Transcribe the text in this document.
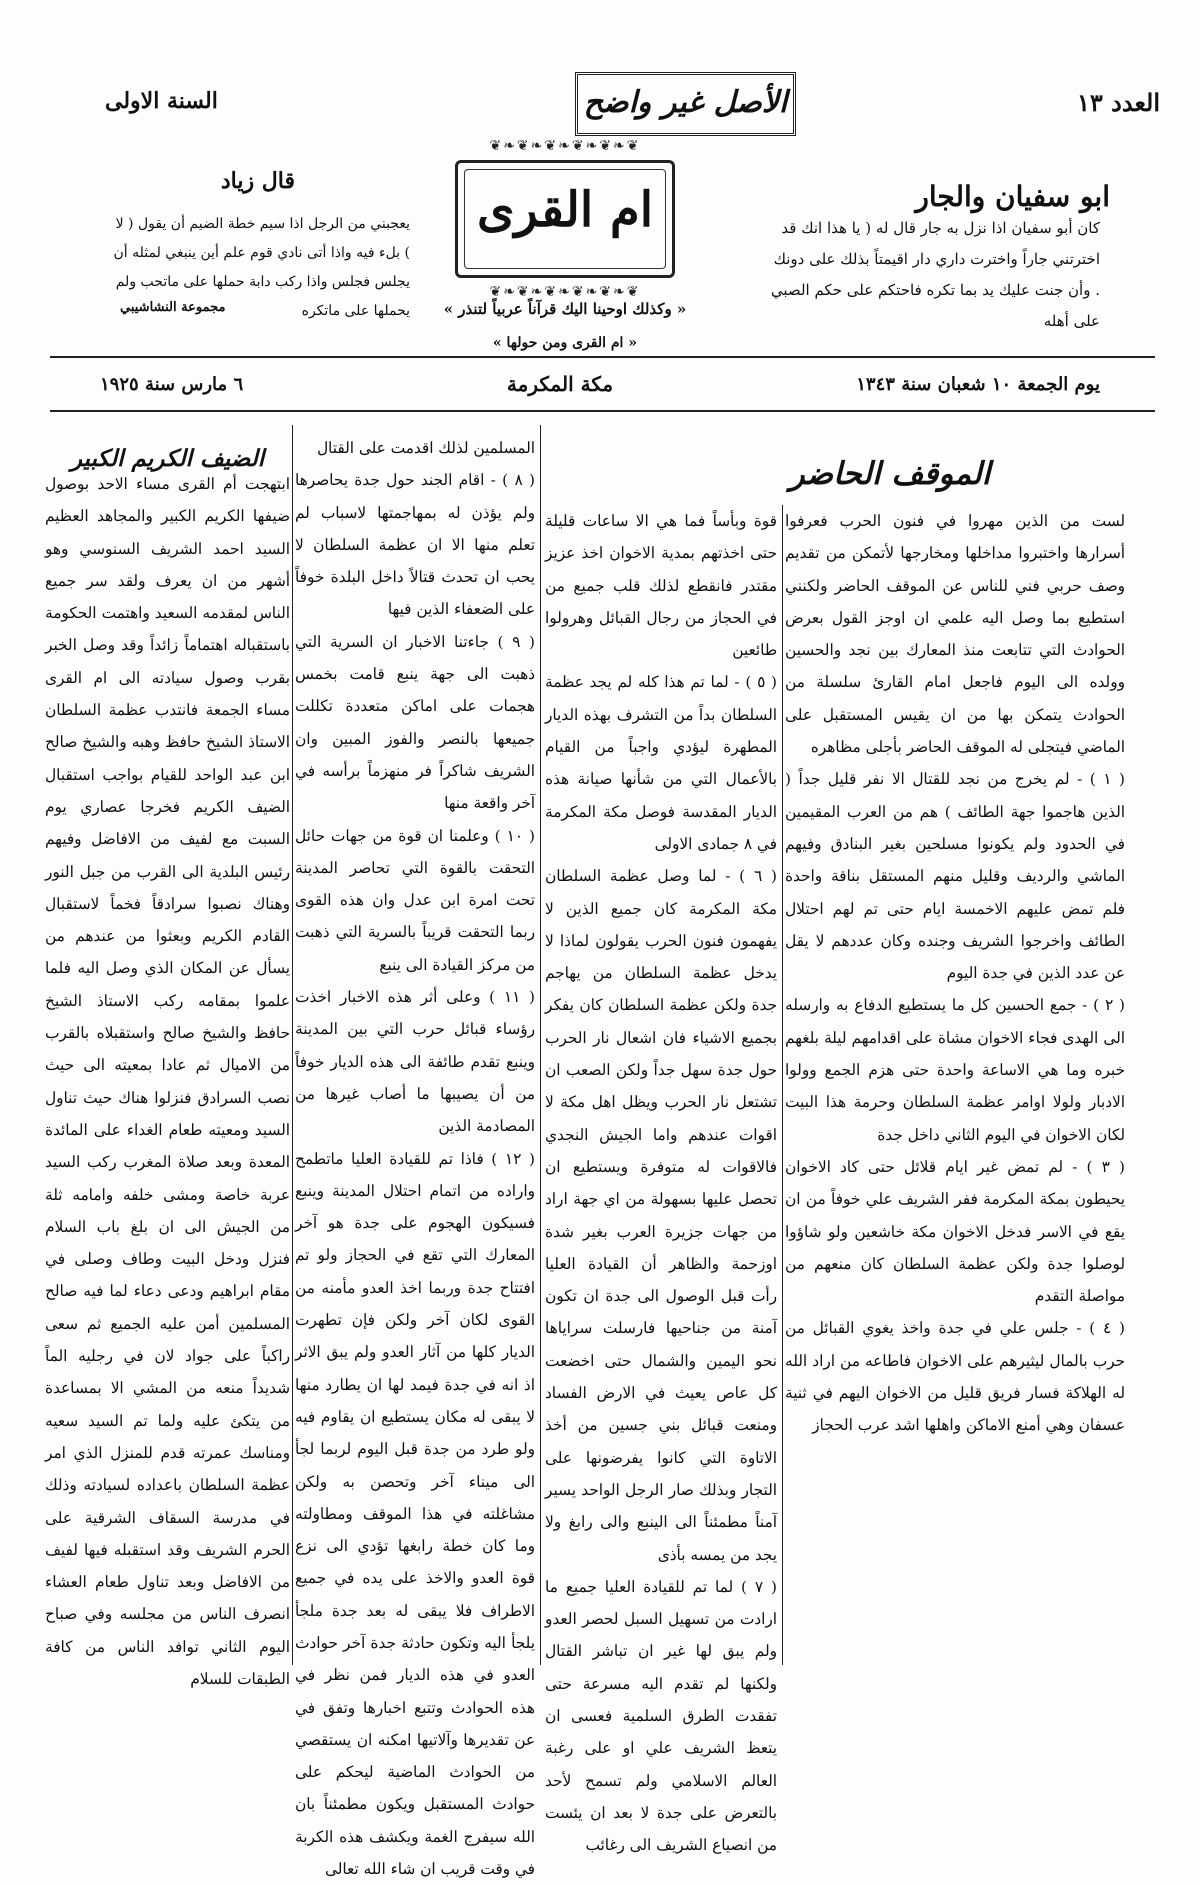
العدد ١٣
الأصل غير واضح
السنة الاولى
ابو سفيان والجار
كان أبو سفيان اذا نزل به جار قال له ( يا هذا انك قد اخترتني جاراً واخترت داري دار اقيمتاً بذلك على دونك . وأن جنت عليك يد بما تكره فاحتكم على حكم الصبي على أهله
❦❧❦❧❦❧❦❧❦❧❦
ام القرى
❦❧❦❧❦❧❦❧❦❧❦
« وكذلك اوحينا اليك قرآناً عربياً لتنذر »
« ام القرى ومن حولها »
قال زياد
يعجبني من الرجل اذا سيم خطة الضيم أن يقول ( لا ) بلء فيه واذا أتى نادي قوم علم أين ينبغي لمثله أن يجلس فجلس واذا ركب دابة حملها على ماتحب ولم يحملها على ماتكره
مجموعة النشاشيبي
يوم الجمعة ١٠ شعبان سنة ١٣٤٣
مكة المكرمة
٦ مارس سنة ١٩٢٥
الموقف الحاضر

لست من الذين مهروا في فنون الحرب فعرفوا أسرارها واختبروا مداخلها ومخارجها لأتمكن من تقديم وصف حربي فني للناس عن الموقف الحاضر ولكنني استطيع بما وصل اليه علمي ان اوجز القول بعرض الحوادث التي تتابعت منذ المعارك بين نجد والحسين وولده الى اليوم فاجعل امام القارئ سلسلة من الحوادث يتمكن بها من ان يقيس المستقبل على الماضي فيتجلى له الموقف الحاضر بأجلى مظاهره
( ١ ) - لم يخرج من نجد للقتال الا نفر قليل جداً ( الذين هاجموا جهة الطائف ) هم من العرب المقيمين في الحدود ولم يكونوا مسلحين بغير البنادق وفيهم الماشي والرديف وقليل منهم المستقل بناقة واحدة فلم تمض عليهم الاخمسة ايام حتى تم لهم احتلال الطائف واخرجوا الشريف وجنده وكان عددهم لا يقل عن عدد الذين في جدة اليوم
( ٢ ) - جمع الحسين كل ما يستطيع الدفاع به وارسله الى الهدى فجاء الاخوان مشاة على اقدامهم ليلة بلغهم خبره وما هي الاساعة واحدة حتى هزم الجمع وولوا الادبار ولولا اوامر عظمة السلطان وحرمة هذا البيت لكان الاخوان في اليوم الثاني داخل جدة
( ٣ ) - لم تمض غير ايام قلائل حتى كاد الاخوان يحيطون بمكة المكرمة ففر الشريف علي خوفاً من ان يقع في الاسر فدخل الاخوان مكة خاشعين ولو شاؤوا لوصلوا جدة ولكن عظمة السلطان كان منعهم من مواصلة التقدم
( ٤ ) - جلس علي في جدة واخذ يغوي القبائل من حرب بالمال ليثيرهم على الاخوان فاطاعه من اراد الله له الهلاكة فسار فريق قليل من الاخوان اليهم في ثنية عسفان وهي أمنع الاماكن واهلها اشد عرب الحجاز

قوة وبأساً فما هي الا ساعات قليلة حتى اخذتهم بمدية الاخوان اخذ عزيز مقتدر فانقطع لذلك قلب جميع من في الحجاز من رجال القبائل وهرولوا طائعين
( ٥ ) - لما تم هذا كله لم يجد عظمة السلطان بداً من التشرف بهذه الديار المطهرة ليؤدي واجباً من القيام بالأعمال التي من شأنها صيانة هذه الديار المقدسة فوصل مكة المكرمة في ٨ جمادى الاولى
( ٦ ) - لما وصل عظمة السلطان مكة المكرمة كان جميع الذين لا يفهمون فنون الحرب يقولون لماذا لا يدخل عظمة السلطان من يهاجم جدة ولكن عظمة السلطان كان يفكر بجميع الاشياء فان اشعال نار الحرب حول جدة سهل جداً ولكن الصعب ان تشتعل نار الحرب ويظل اهل مكة لا اقوات عندهم واما الجيش النجدي فالاقوات له متوفرة ويستطيع ان تحصل عليها بسهولة من اي جهة اراد من جهات جزيرة العرب بغير شدة اوزحمة والظاهر أن القيادة العليا رأت قبل الوصول الى جدة ان تكون آمنة من جناحيها فارسلت سراياها نحو اليمين والشمال حتى اخضعت كل عاص يعيث في الارض الفساد ومنعت قبائل بني جسين من أخذ الاتاوة التي كانوا يفرضونها على التجار وبذلك صار الرجل الواحد يسير آمناً مطمئناً الى الينبع والى رابغ ولا يجد من يمسه بأذى
( ٧ ) لما تم للقيادة العليا جميع ما ارادت من تسهيل السبل لحصر العدو ولم يبق لها غير ان تباشر القتال ولكنها لم تقدم اليه مسرعة حتى تفقدت الطرق السلمية فعسى ان يتعظ الشريف علي او على رغبة العالم الاسلامي ولم تسمح لأحد بالتعرض على جدة لا بعد ان يئست من انصياع الشريف الى رغائب

المسلمين لذلك اقدمت على القتال
( ٨ ) - اقام الجند حول جدة يحاصرها ولم يؤذن له بمهاجمتها لاسباب لم تعلم منها الا ان عظمة السلطان لا يحب ان تحدث قتالاً داخل البلدة خوفاً على الضعفاء الذين فيها
( ٩ ) جاءتنا الاخبار ان السرية التي ذهبت الى جهة ينبع قامت بخمس هجمات على اماكن متعددة تكللت جميعها بالنصر والفوز المبين وان الشريف شاكراً فر منهزماً برأسه في آخر واقعة منها
( ١٠ ) وعلمنا ان قوة من جهات حائل التحقت بالقوة التي تحاصر المدينة تحت امرة ابن عدل وان هذه القوى ربما التحقت قريباً بالسرية التي ذهبت من مركز القيادة الى ينبع
( ١١ ) وعلى أثر هذه الاخبار اخذت رؤساء قبائل حرب التي بين المدينة وينبع تقدم طائفة الى هذه الديار خوفاً من أن يصيبها ما أصاب غيرها من المصادمة الذين
( ١٢ ) فاذا تم للقيادة العليا ماتطمح واراده من اتمام احتلال المدينة وينبع فسيكون الهجوم على جدة هو آخر المعارك التي تقع في الحجاز ولو تم افتتاح جدة وربما اخذ العدو مأمنه من القوى لكان آخر ولكن فإن تطهرت الديار كلها من آثار العدو ولم يبق الاثر اذ انه في جدة فيمد لها ان يطارد منها لا يبقى له مكان يستطيع ان يقاوم فيه ولو طرد من جدة قبل اليوم لربما لجأ الى ميناء آخر وتحصن به ولكن مشاغلته في هذا الموقف ومطاولته وما كان خطة رابغها تؤدي الى نزع قوة العدو والاخذ على يده في جميع الاطراف فلا يبقى له بعد جدة ملجأ يلجأ اليه وتكون حادثة جدة آخر حوادث العدو في هذه الديار فمن نظر في هذه الحوادث وتتبع اخبارها وتفق في عن تقديرها وآلاتيها امكنه ان يستقصي من الحوادث الماضية ليحكم على حوادث المستقبل ويكون مطمئناً بان الله سيفرج الغمة ويكشف هذه الكربة في وقت قريب ان شاء الله تعالى

الضيف الكريم الكبير

ابتهجت أم القرى مساء الاحد بوصول ضيفها الكريم الكبير والمجاهد العظيم السيد احمد الشريف السنوسي وهو أشهر من ان يعرف ولقد سر جميع الناس لمقدمه السعيد واهتمت الحكومة باستقباله اهتماماً زائداً وقد وصل الخبر بقرب وصول سيادته الى ام القرى مساء الجمعة فانتدب عظمة السلطان الاستاذ الشيخ حافظ وهبه والشيخ صالح ابن عبد الواحد للقيام بواجب استقبال الضيف الكريم فخرجا عصاري يوم السبت مع لفيف من الافاضل وفيهم رئيس البلدية الى القرب من جبل النور وهناك نصبوا سرادقاً فخماً لاستقبال القادم الكريم وبعثوا من عندهم من يسأل عن المكان الذي وصل اليه فلما علموا بمقامه ركب الاستاذ الشيخ حافظ والشيخ صالح واستقبلاه بالقرب من الاميال ثم عادا بمعيته الى حيث نصب السرادق فنزلوا هناك حيث تناول السيد ومعيته طعام الغداء على المائدة المعدة وبعد صلاة المغرب ركب السيد عربة خاصة ومشى خلفه وامامه ثلة من الجيش الى ان بلغ باب السلام فنزل ودخل البيت وطاف وصلى في مقام ابراهيم ودعى دعاء لما فيه صالح المسلمين أمن عليه الجميع ثم سعى راكباً على جواد لان في رجليه الماً شديداً منعه من المشي الا بمساعدة من يتكئ عليه ولما تم السيد سعيه ومناسك عمرته قدم للمنزل الذي امر عظمة السلطان باعداده لسيادته وذلك في مدرسة السقاف الشرقية على الحرم الشريف وقد استقبله فيها لفيف من الافاضل وبعد تناول طعام العشاء انصرف الناس من مجلسه وفي صباح اليوم الثاني توافد الناس من كافة الطبقات للسلام
